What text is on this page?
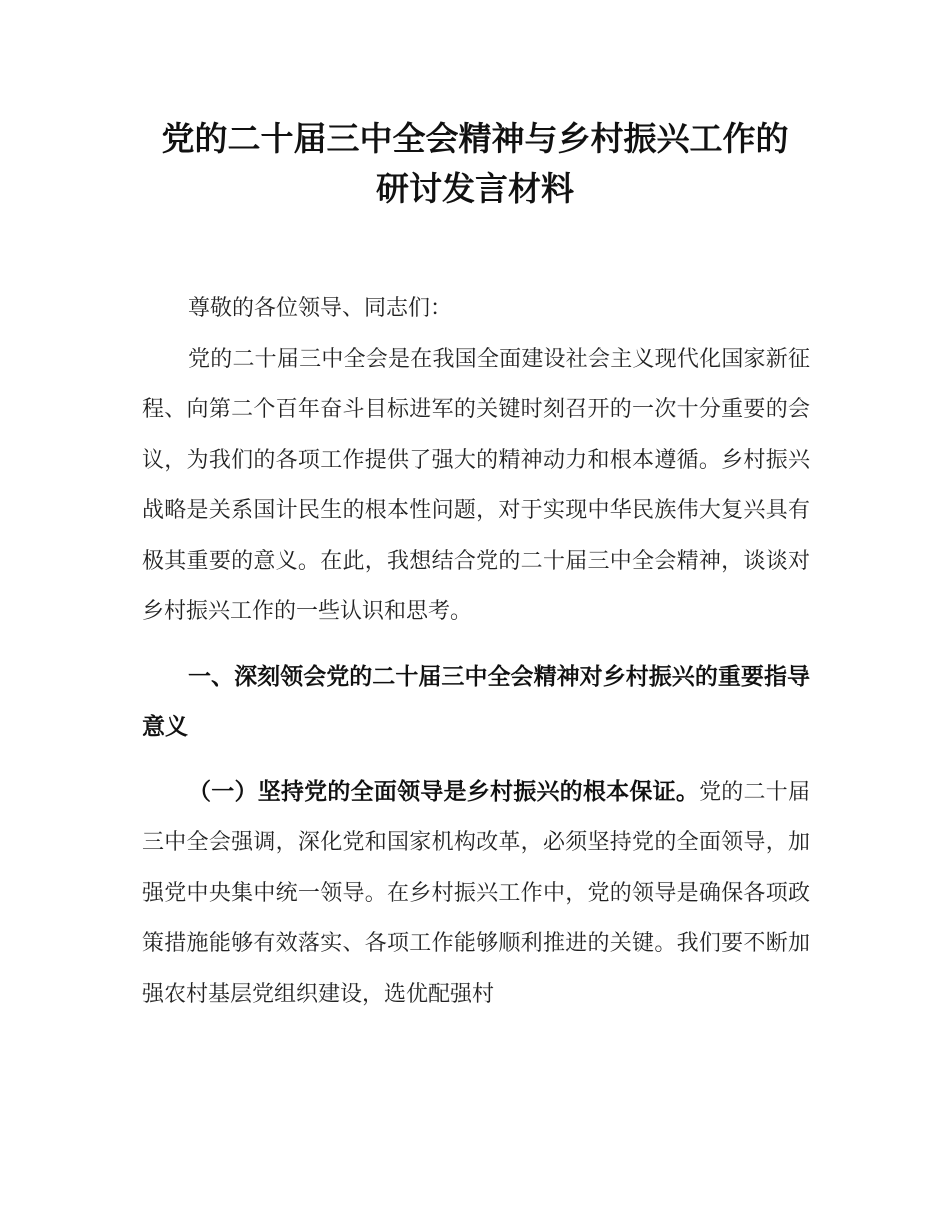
党的二十届三中全会精神与乡村振兴工作的
研讨发言材料

尊敬的各位领导、同志们：

党的二十届三中全会是在我国全面建设社会主义现代化国家新征程、向第二个百年奋斗目标进军的关键时刻召开的一次十分重要的会议，为我们的各项工作提供了强大的精神动力和根本遵循。乡村振兴战略是关系国计民生的根本性问题，对于实现中华民族伟大复兴具有极其重要的意义。在此，我想结合党的二十届三中全会精神，谈谈对乡村振兴工作的一些认识和思考。

一、深刻领会党的二十届三中全会精神对乡村振兴的重要指导意义

（一）坚持党的全面领导是乡村振兴的根本保证。党的二十届三中全会强调，深化党和国家机构改革，必须坚持党的全面领导，加强党中央集中统一领导。在乡村振兴工作中，党的领导是确保各项政策措施能够有效落实、各项工作能够顺利推进的关键。我们要不断加强农村基层党组织建设，选优配强村
